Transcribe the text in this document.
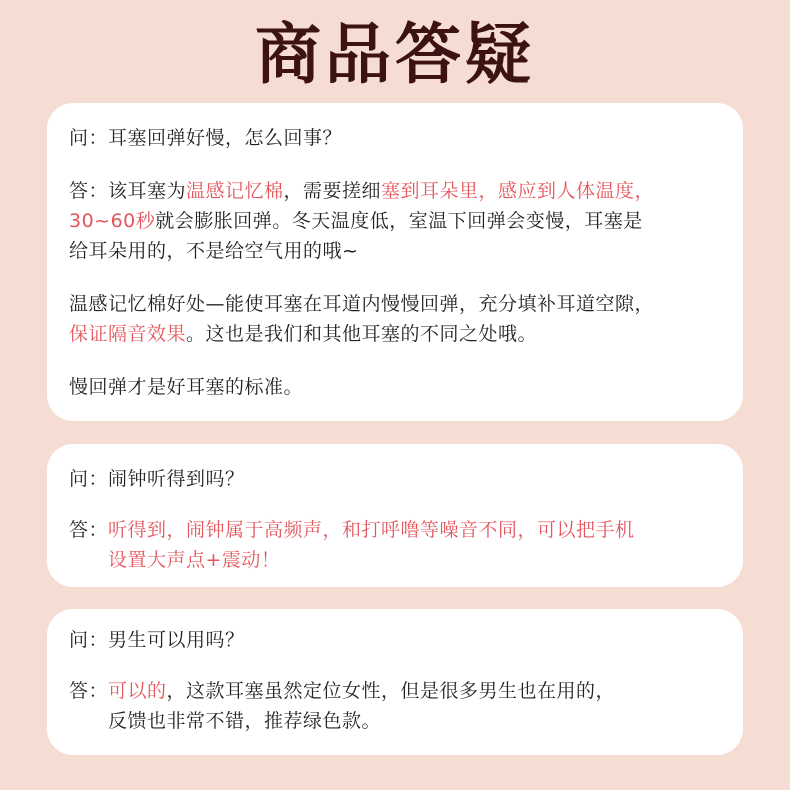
商品答疑

问：耳塞回弹好慢，怎么回事？

答：该耳塞为温感记忆棉，需要搓细塞到耳朵里，感应到人体温度，

30~60秒就会膨胀回弹。冬天温度低，室温下回弹会变慢，耳塞是

给耳朵用的，不是给空气用的哦~

温感记忆棉好处—能使耳塞在耳道内慢慢回弹，充分填补耳道空隙，

保证隔音效果。这也是我们和其他耳塞的不同之处哦。

慢回弹才是好耳塞的标准。

问：闹钟听得到吗？

答： 听得到，闹钟属于高频声，和打呼噜等噪音不同，可以把手机

设置大声点+震动！

问：男生可以用吗？

答： 可以的，这款耳塞虽然定位女性，但是很多男生也在用的，

反馈也非常不错，推荐绿色款。
